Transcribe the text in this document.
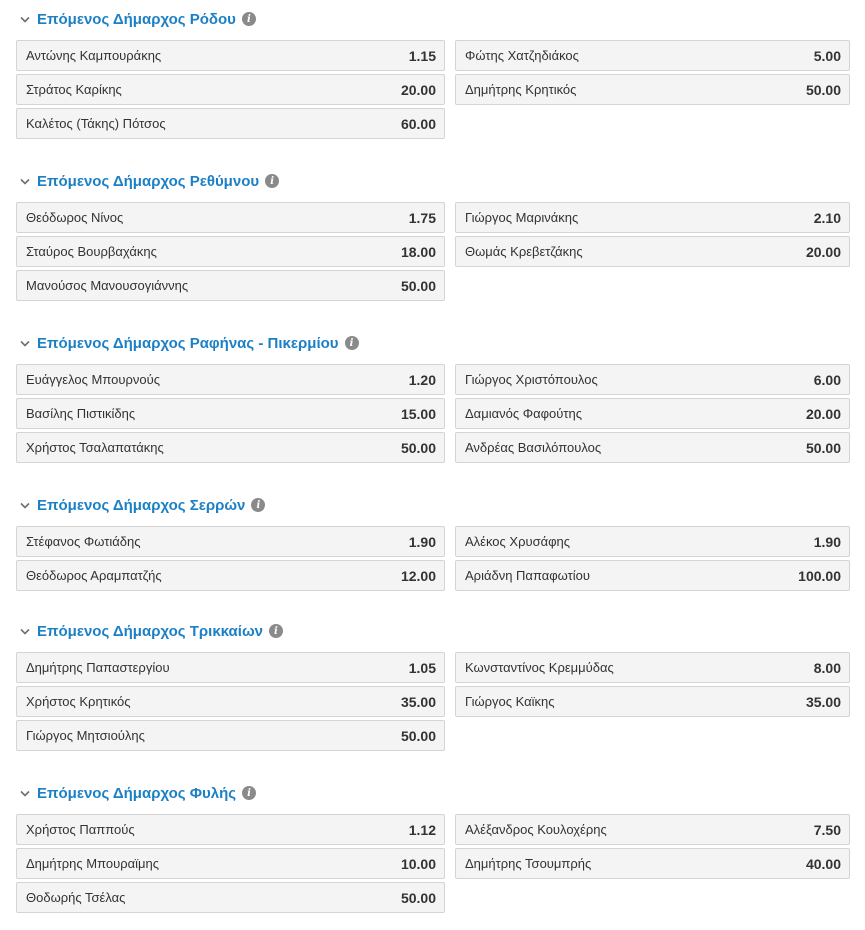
Επόμενος Δήμαρχος Ρόδου	i
Αντώνης Καμπουράκης	1.15 Φώτης Χατζηδιάκος	5.00
Στράτος Καρίκης	20.00 Δημήτρης Κρητικός	50.00
Καλέτος (Τάκης) Πότσος	60.00
Επόμενος Δήμαρχος Ρεθύμνου	i
Θεόδωρος Νίνος	1.75 Γιώργος Μαρινάκης	2.10
Σταύρος Βουρβαχάκης	18.00 Θωμάς Κρεβετζάκης	20.00
Μανούσος Μανουσογιάννης	50.00
Επόμενος Δήμαρχος Ραφήνας - Πικερμίου	i
Ευάγγελος Μπουρνούς	1.20 Γιώργος Χριστόπουλος	6.00
Βασίλης Πιστικίδης	15.00 Δαμιανός Φαφούτης	20.00
Χρήστος Τσαλαπατάκης	50.00 Ανδρέας Βασιλόπουλος	50.00
Επόμενος Δήμαρχος Σερρών	i
Στέφανος Φωτιάδης	1.90 Αλέκος Χρυσάφης	1.90
Θεόδωρος Αραμπατζής	12.00 Αριάδνη Παπαφωτίου	100.00
Επόμενος Δήμαρχος Τρικκαίων	i
Δημήτρης Παπαστεργίου	1.05 Κωνσταντίνος Κρεμμύδας	8.00
Χρήστος Κρητικός	35.00 Γιώργος Καϊκης	35.00
Γιώργος Μητσιούλης	50.00
Επόμενος Δήμαρχος Φυλής	i
Χρήστος Παππούς	1.12 Αλέξανδρος Κουλοχέρης	7.50
Δημήτρης Μπουραϊμης	10.00 Δημήτρης Τσουμπρής	40.00
Θοδωρής Τσέλας	50.00
